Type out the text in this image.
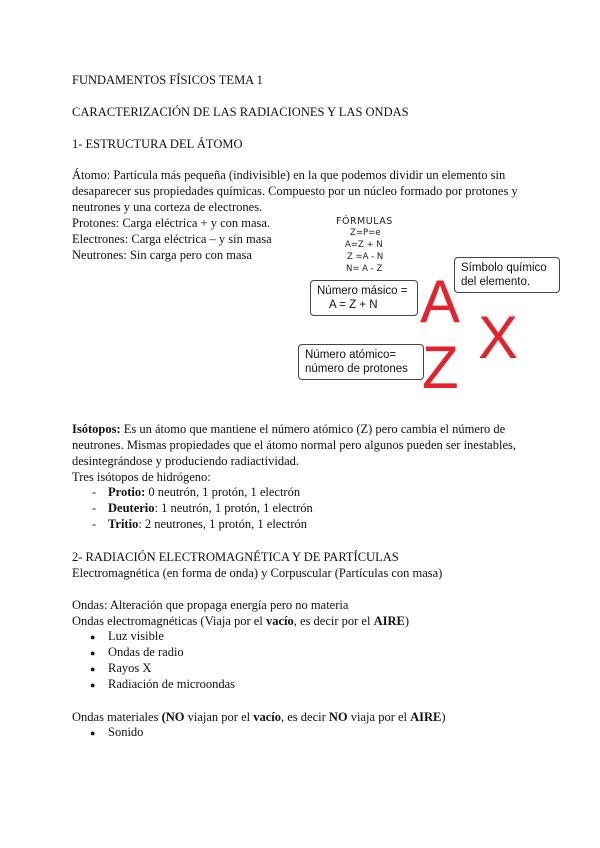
FUNDAMENTOS FÍSICOS TEMA 1
CARACTERIZACIÓN DE LAS RADIACIONES Y LAS ONDAS
1- ESTRUCTURA DEL ÁTOMO
Átomo: Partícula más pequeña (indivisible) en la que podemos dividir un elemento sin desaparecer sus propiedades químicas. Compuesto por un núcleo formado por protones y neutrones y una corteza de electrones.
Protones: Carga eléctrica + y con masa.
Electrones: Carga eléctrica – y sin masa
Neutrones: Sin carga pero con masa
FÓRMULAS
Z=P=e
A=Z + N
Z =A - N
N= A - Z	Símbolo químico
del elemento.
Número másico =
A = Z + N
Número atómico=
número de protones
A
X
Z
Isótopos: Es un átomo que mantiene el número atómico (Z) pero cambia el número de neutrones. Mismas propiedades que el átomo normal pero algunos pueden ser inestables, desintegrándose y produciendo radiactividad.
Tres isótopos de hidrógeno:
- Protio: 0 neutrón, 1 protón, 1 electrón
- Deuterio: 1 neutrón, 1 protón, 1 electrón
- Tritio: 2 neutrones, 1 protón, 1 electrón
2- RADIACIÓN ELECTROMAGNÉTICA Y DE PARTÍCULAS
Electromagnética (en forma de onda) y Corpuscular (Partículas con masa)
Ondas: Alteración que propaga energía pero no materia
Ondas electromagnéticas (Viaja por el vacío, es decir por el AIRE)
● Luz visible
● Ondas de radio
● Rayos X
● Radiación de microondas
Ondas materiales (NO viajan por el vacío, es decir NO viaja por el AIRE)
● Sonido
